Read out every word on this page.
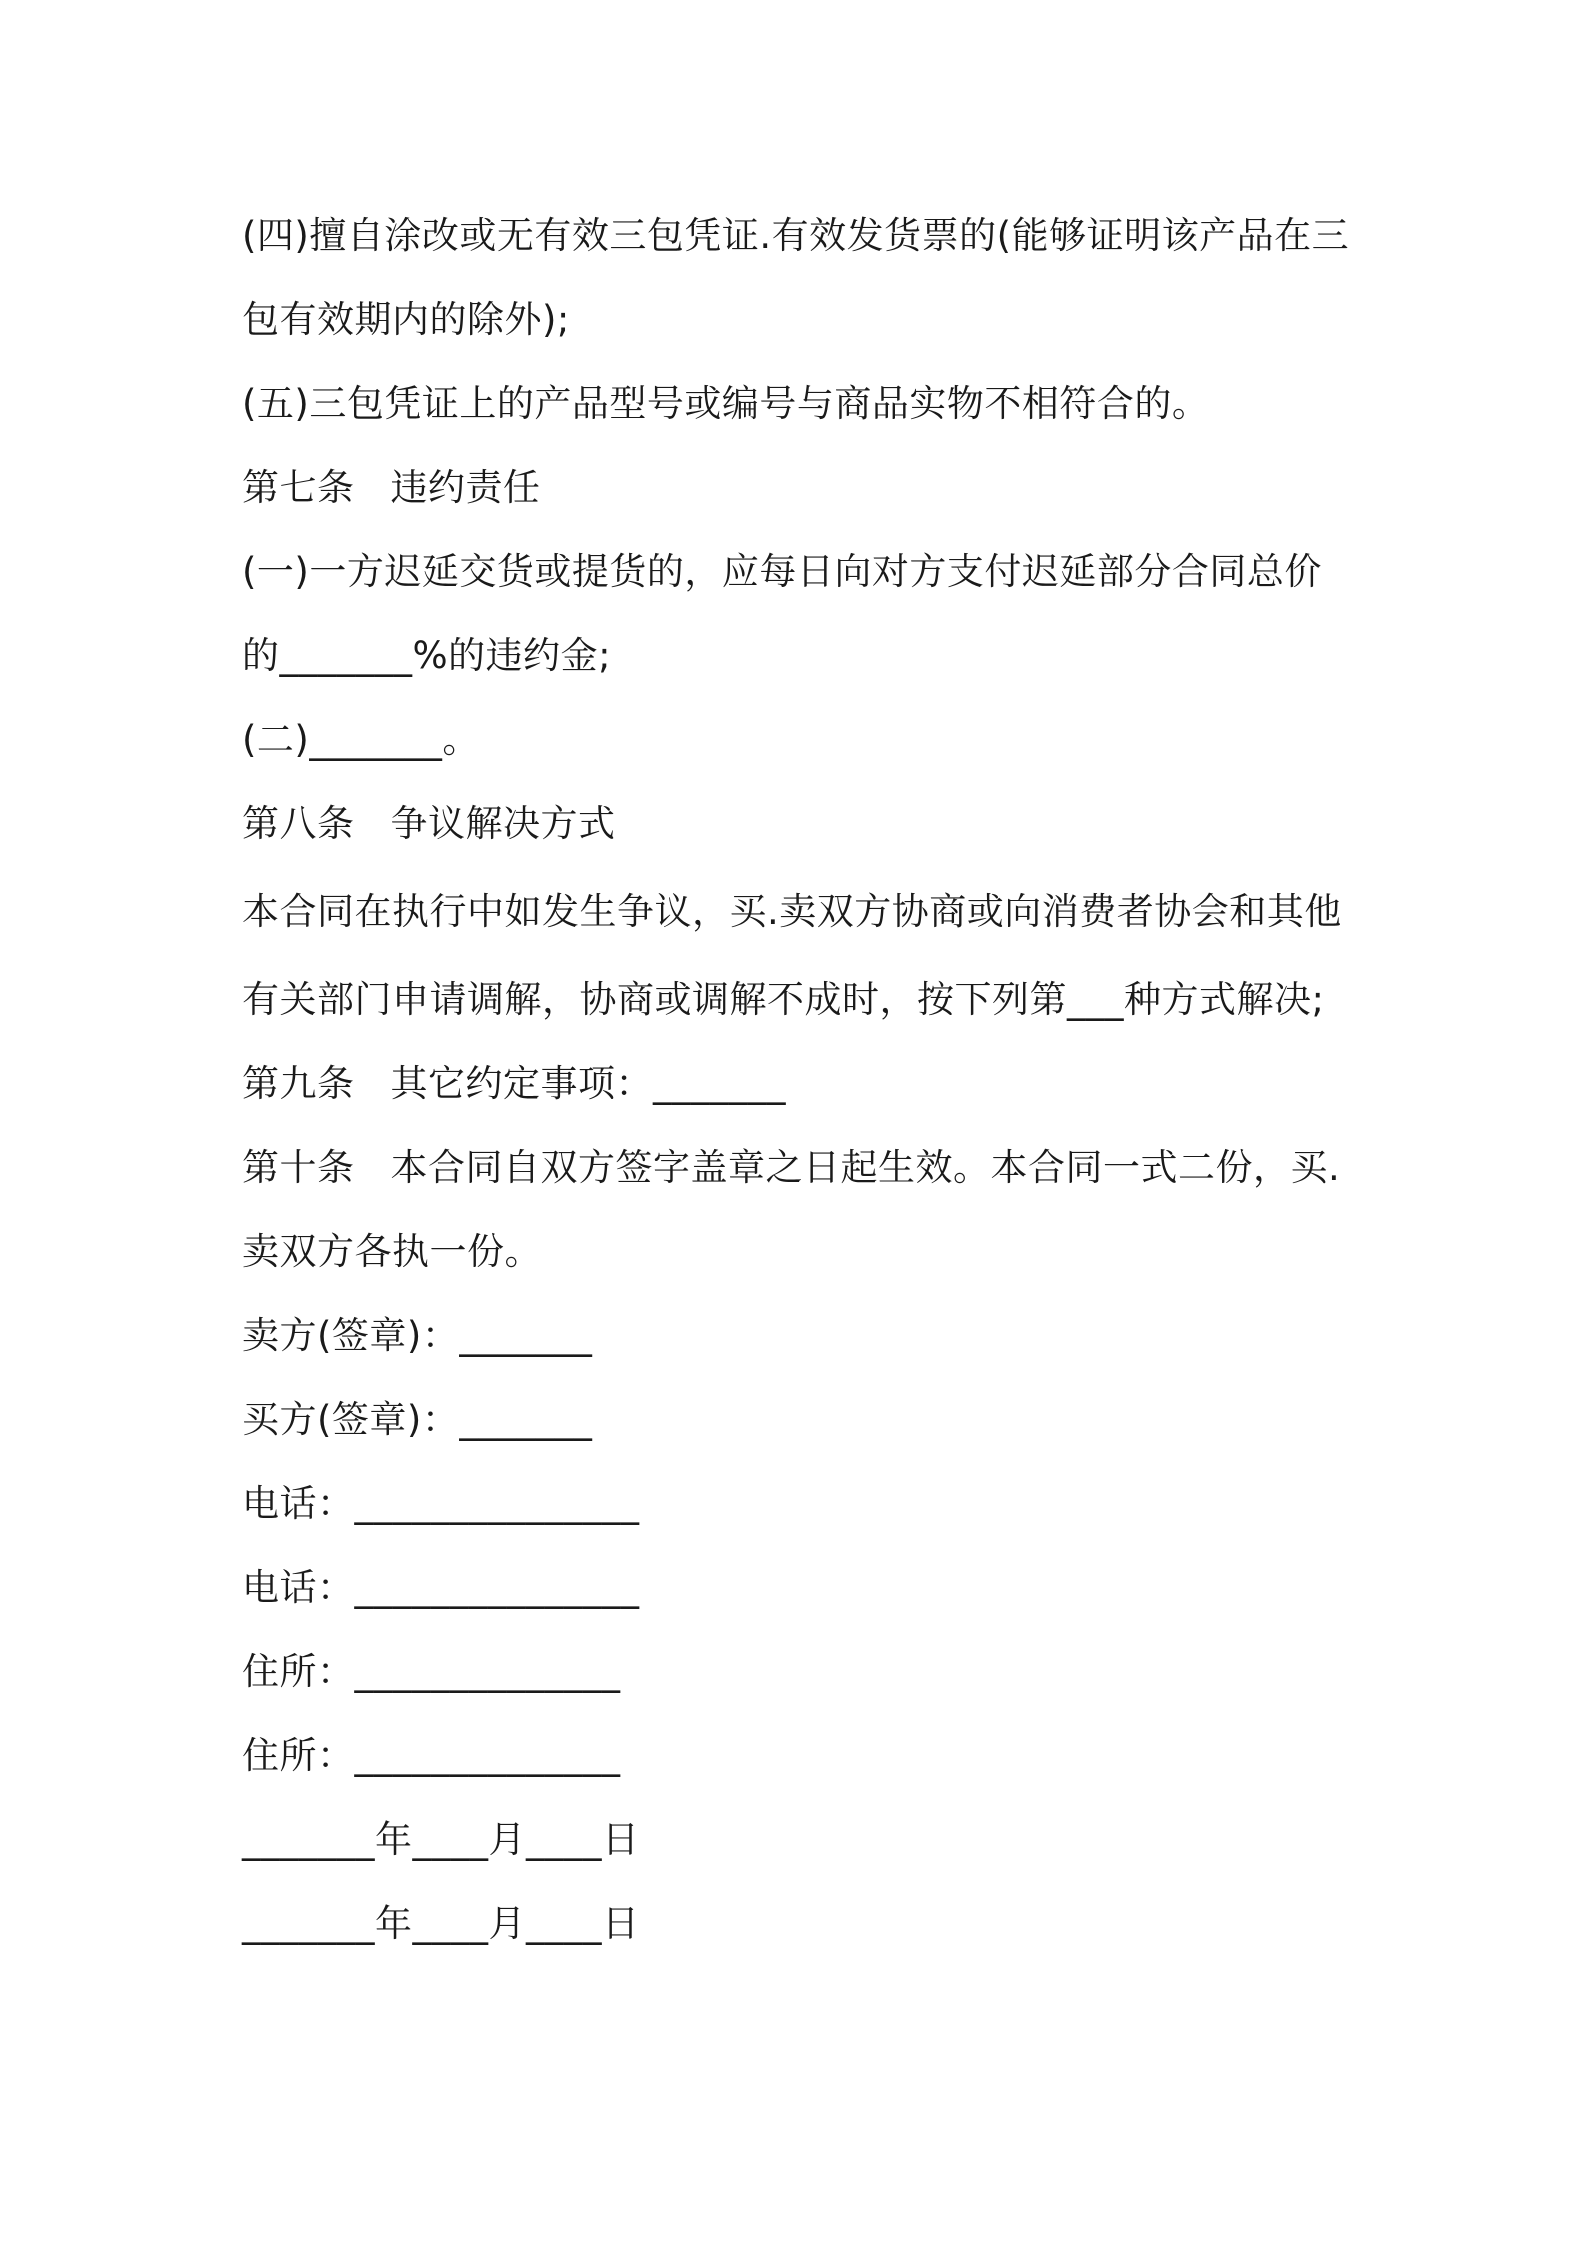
(四)擅自涂改或无有效三包凭证.有效发货票的(能够证明该产品在三
包有效期内的除外);
(五)三包凭证上的产品型号或编号与商品实物不相符合的。
第七条 违约责任
(一)一方迟延交货或提货的，应每日向对方支付迟延部分合同总价
的_______%的违约金;
(二)_______。
第八条 争议解决方式
本合同在执行中如发生争议，买.卖双方协商或向消费者协会和其他
有关部门申请调解，协商或调解不成时，按下列第___种方式解决;
第九条 其它约定事项：_______
第十条 本合同自双方签字盖章之日起生效。本合同一式二份，买.
卖双方各执一份。
卖方(签章)：_______
买方(签章)：_______
电话：_______________
电话：_______________
住所：______________
住所：______________
_______年____月____日
_______年____月____日
